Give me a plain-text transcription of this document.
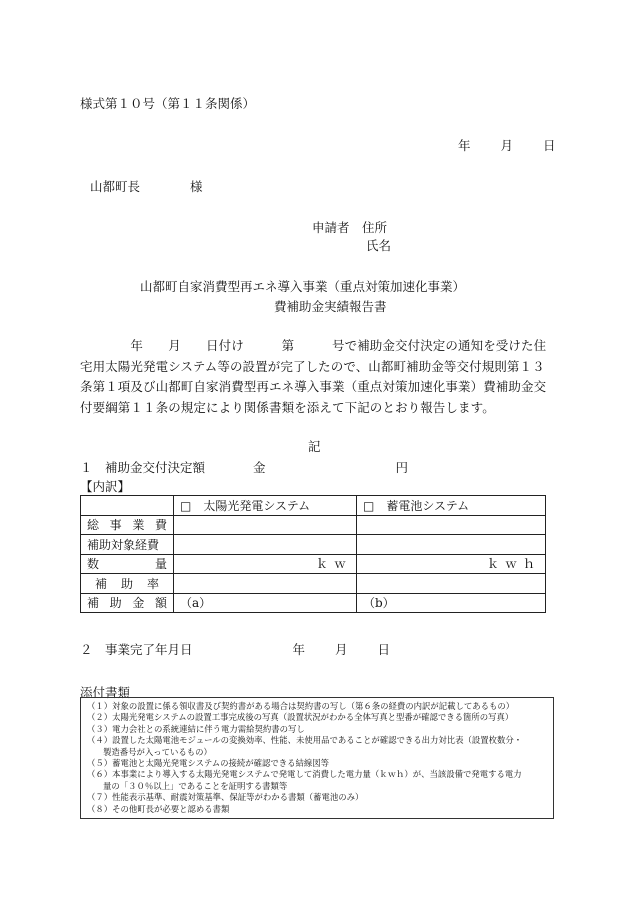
様式第１０号（第１１条関係）
年 月 日
山都町長　　　　様
申請者　住所
氏名
山都町自家消費型再エネ導入事業（重点対策加速化事業）
費補助金実績報告書
　　　　年　　月　　日付け　　　第　　　号で補助金交付決定の通知を受けた住宅用太陽光発電システム等の設置が完了したので、山都町補助金等交付規則第１３条第１項及び山都町自家消費型再エネ導入事業（重点対策加速化事業）費補助金交付要綱第１１条の規定により関係書類を添えて下記のとおり報告します。
記
１　補助金交付決定額	金	円
【内訳】
	□　太陽光発電システム	□　蓄電池システム

総 事 業 費		

補助対象経費		

数 量	ｋｗ	ｋｗｈ

補 助 率		

補 助 金 額	（a）	（b）
２　事業完了年月日	年 月 日
添付書類
（１）対象の設置に係る領収書及び契約書がある場合は契約書の写し（第６条の経費の内訳が記載してあるもの）
（２）太陽光発電システムの設置工事完成後の写真（設置状況がわかる全体写真と型番が確認できる箇所の写真）
（３）電力会社との系統連結に伴う電力需給契約書の写し
（４）設置した太陽電池モジュールの変換効率、性能、未使用品であることが確認できる出力対比表（設置枚数分・
製造番号が入っているもの）
（５）蓄電池と太陽光発電システムの接続が確認できる結線図等
（６）本事業により導入する太陽光発電システムで発電して消費した電力量（ｋｗｈ）が、当該設備で発電する電力
量の「３０％以上」であることを証明する書類等
（７）性能表示基準、耐震対策基準、保証等がわかる書類（蓄電池のみ）
（８）その他町長が必要と認める書類
